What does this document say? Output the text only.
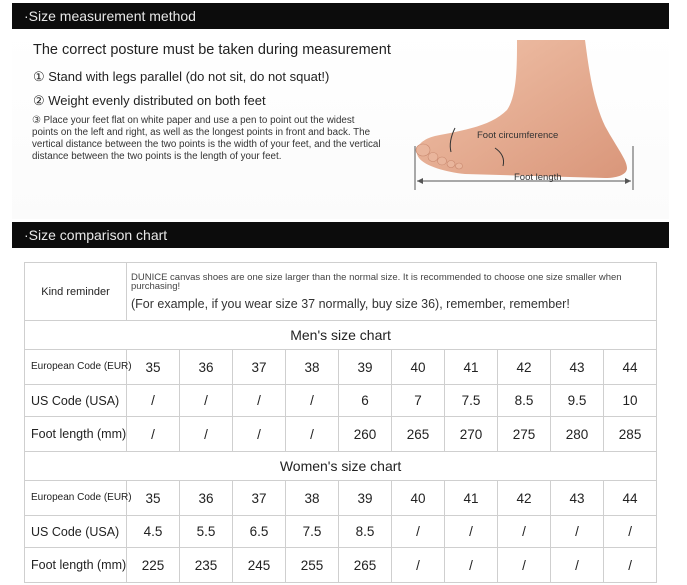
·Size measurement method
The correct posture must be taken during measurement
① Stand with legs parallel (do not sit, do not squat!)
② Weight evenly distributed on both feet
③ Place your feet flat on white paper and use a pen to point out the widest points on the left and right, as well as the longest points in front and back. The vertical distance between the two points is the width of your feet, and the vertical distance between the two points is the length of your feet.
Foot circumference
Foot length
·Size comparison chart
Kind reminder	DUNICE canvas shoes are one size larger than the normal size. It is recommended to choose one size smaller when purchasing!
(For example, if you wear size 37 normally, buy size 36), remember, remember!									

Men's size chart										
European Code (EUR)	35	36	37	38	39	40	41	42	43	44
US Code (USA)	/	/	/	/	6	7	7.5	8.5	9.5	10
Foot length (mm)	/	/	/	/	260	265	270	275	280	285
Women's size chart										
European Code (EUR)	35	36	37	38	39	40	41	42	43	44
US Code (USA)	4.5	5.5	6.5	7.5	8.5	/	/	/	/	/
Foot length (mm)	225	235	245	255	265	/	/	/	/	/
